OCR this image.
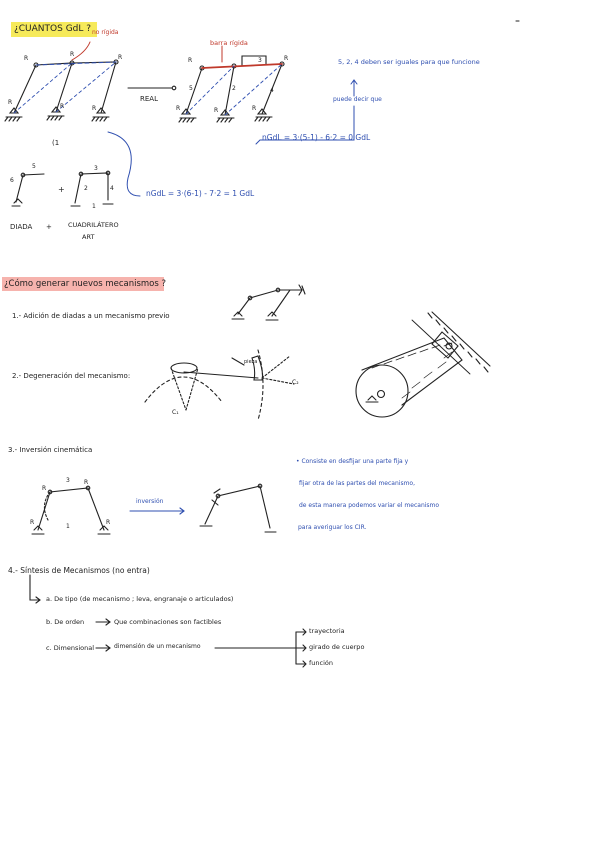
¿CUANTOS GdL ? no rígida
barra rígida
REAL
R
R	R
R
R	R
R	R
R	R	R
5	2
3
4
5, 2, 4 deben ser iguales para que funcione
puede decir que
nGdL = 3·(5-1) - 6·2 = 0 GdL
(1
nGdL = 3·(6-1) - 7·2 = 1 GdL
6
5
+	2
3
4
1
DIADA + CUADRILÁTERO
ART
¿Cómo generar nuevos mecanismos ?
1.- Adición de diadas a un mecanismo previo
2.- Degeneración del mecanismo:
pieza
C₁
C₂
3.- Inversión cinemática
inversión
R
R
3
R	R
1
• Consiste en desfijar una parte fija y
fijar otra de las partes del mecanismo,
de esta manera podemos variar el mecanismo
para averiguar los CIR.
4.- Síntesis de Mecanismos (no entra)
a. De tipo (de mecanismo ; leva, engranaje o articulados)
b. De orden	Que combinaciones son factibles
c. Dimensional	dimensión de un mecanismo
trayectoria
girado de cuerpo
función
